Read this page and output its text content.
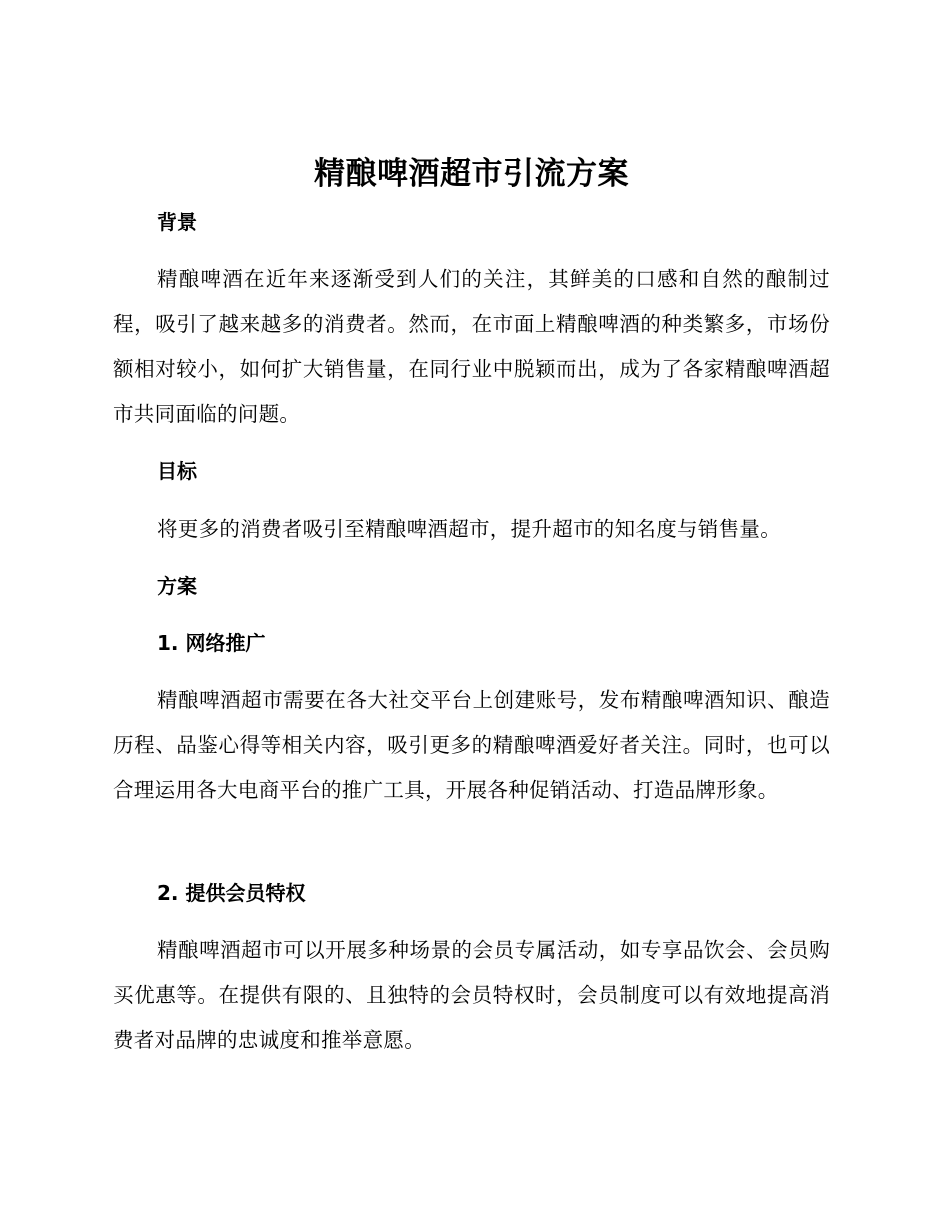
精酿啤酒超市引流方案
背景

精酿啤酒在近年来逐渐受到人们的关注，其鲜美的口感和自然的酿制过程，吸引了越来越多的消费者。然而，在市面上精酿啤酒的种类繁多，市场份额相对较小，如何扩大销售量，在同行业中脱颖而出，成为了各家精酿啤酒超市共同面临的问题。

目标

将更多的消费者吸引至精酿啤酒超市，提升超市的知名度与销售量。

方案
1. 网络推广

精酿啤酒超市需要在各大社交平台上创建账号，发布精酿啤酒知识、酿造历程、品鉴心得等相关内容，吸引更多的精酿啤酒爱好者关注。同时，也可以合理运用各大电商平台的推广工具，开展各种促销活动、打造品牌形象。

2. 提供会员特权

精酿啤酒超市可以开展多种场景的会员专属活动，如专享品饮会、会员购买优惠等。在提供有限的、且独特的会员特权时，会员制度可以有效地提高消费者对品牌的忠诚度和推举意愿。
